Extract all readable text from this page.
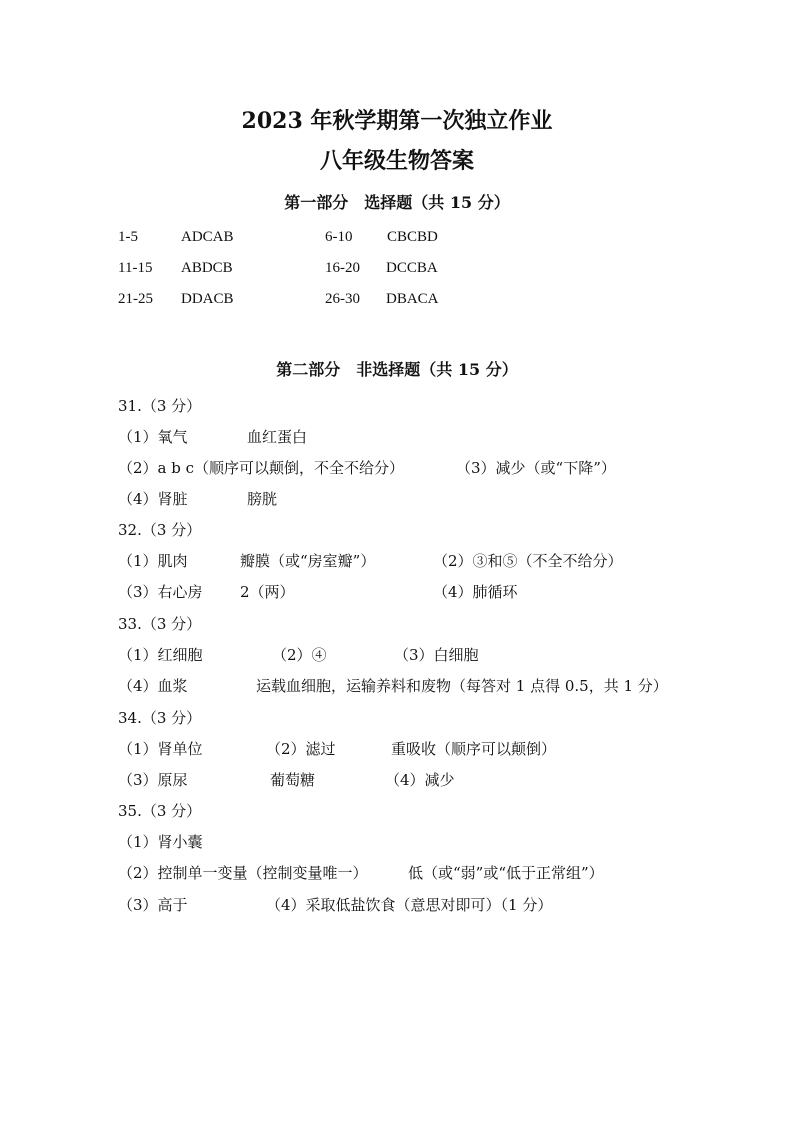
2023 年秋学期第一次独立作业
八年级生物答案
第一部分　选择题（共 15 分）
1-5	ADCAB	6-10 CBCBD
11-15 ABDCB	16-20 DCCBA
21-25 DDACB	26-30 DBACA
第二部分　非选择题（共 15 分）
31.（3 分）
（1）氧气	血红蛋白
（2）a b c（顺序可以颠倒，不全不给分）	（3）减少（或“下降”）
（4）肾脏	膀胱
32.（3 分）
（1）肌肉	瓣膜（或“房室瓣”）	（2）③和⑤（不全不给分）
（3）右心房 2（两）	（4）肺循环
33.（3 分）
（1）红细胞	（2）④	（3）白细胞
（4）血浆	运载血细胞，运输养料和废物（每答对 1 点得 0.5，共 1 分）
34.（3 分）
（1）肾单位	（2）滤过	重吸收（顺序可以颠倒）
（3）原尿	葡萄糖	（4）减少
35.（3 分）
（1）肾小囊
（2）控制单一变量（控制变量唯一）	低（或“弱”或“低于正常组”）
（3）高于	（4）采取低盐饮食（意思对即可）（1 分）
